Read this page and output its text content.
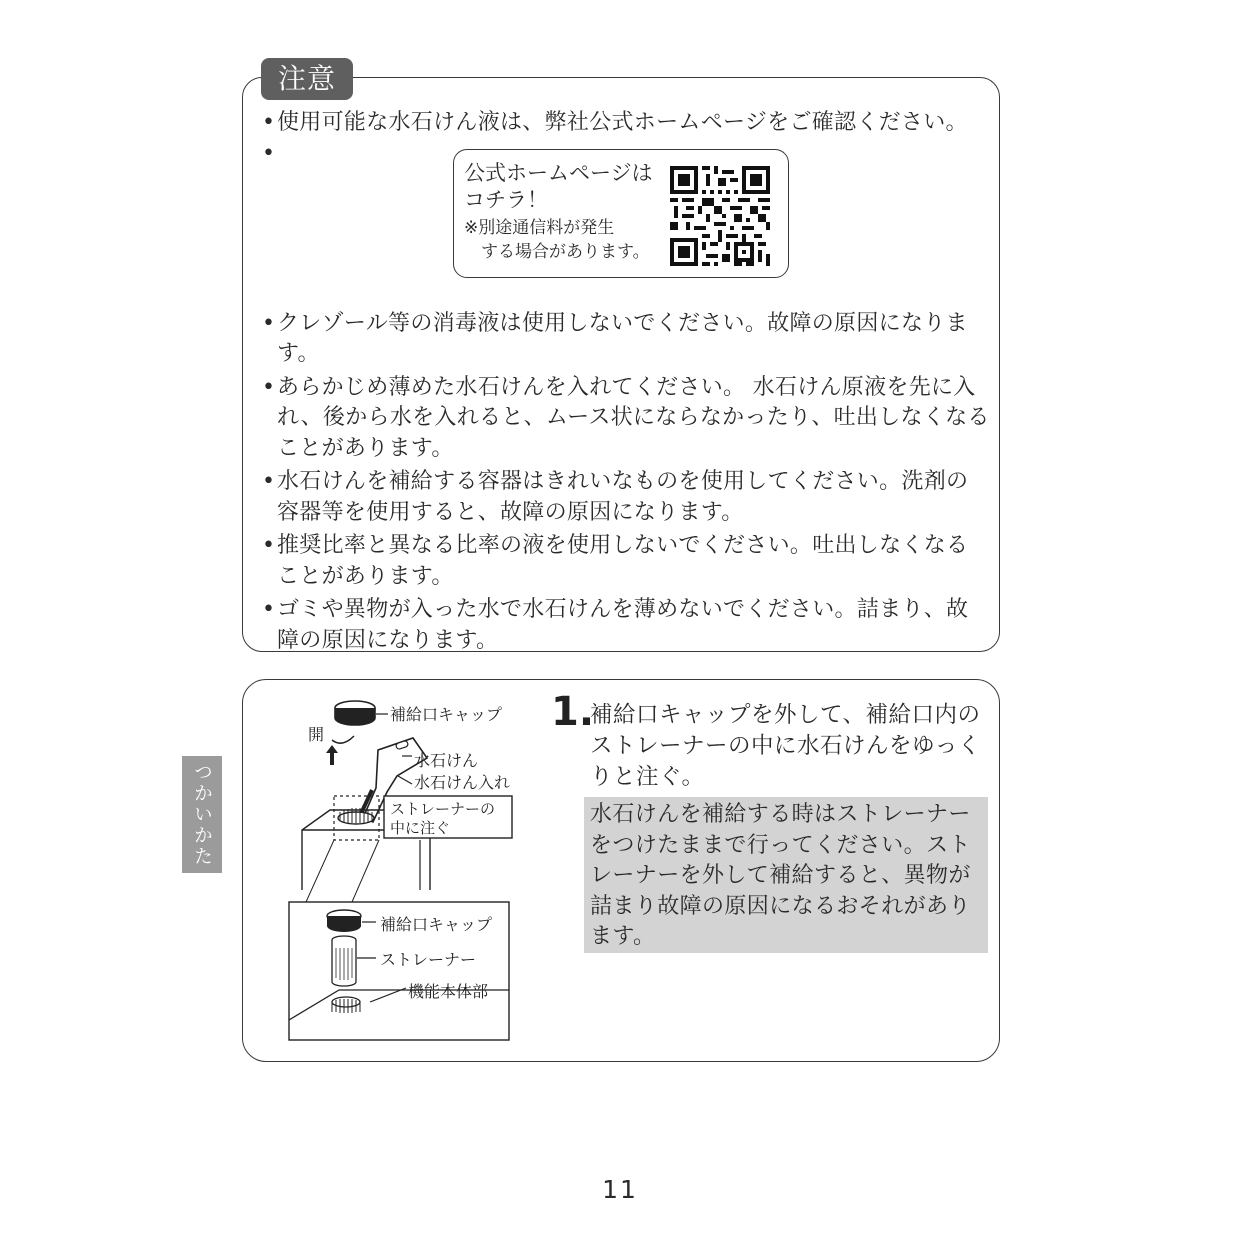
注意
• 使用可能な水石けん液は、弊社公式ホームページをご確認ください。
•
• クレゾール等の消毒液は使用しないでください。故障の原因になります。
• あらかじめ薄めた水石けんを入れてください。 水石けん原液を先に入れ、後から水を入れると、ムース状にならなかったり、吐出しなくなることがあります。
• 水石けんを補給する容器はきれいなものを使用してください。洗剤の容器等を使用すると、故障の原因になります。
• 推奨比率と異なる比率の液を使用しないでください。吐出しなくなることがあります。
• ゴミや異物が入った水で水石けんを薄めないでください。詰まり、故障の原因になります。
公式ホームページは
コチラ！
※別途通信料が発生
　する場合があります。
補給口キャップ
開
水石けん
水石けん入れ
ストレーナーの
中に注ぐ
補給口キャップ
ストレーナー
機能本体部
1.
補給口キャップを外して、補給口内のストレーナーの中に水石けんをゆっくりと注ぐ。
水石けんを補給する時はストレーナーをつけたままで行ってください。ストレーナーを外して補給すると、異物が詰まり故障の原因になるおそれがあります。
つかいかた
11
